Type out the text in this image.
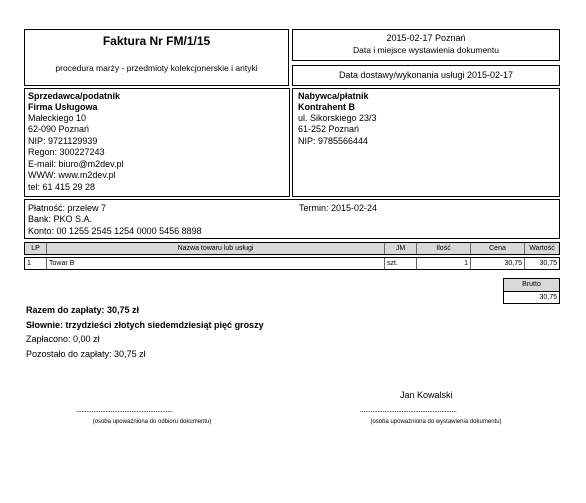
Faktura Nr FM/1/15
procedura marży - przedmioty kolekcjonerskie i antyki
2015-02-17 Poznań
Data i miejsce wystawienia dokumentu
Data dostawy/wykonania usługi 2015-02-17
Sprzedawca/podatnik
Firma Usługowa
Małeckiego 10
62-090 Poznań
NIP: 9721129939
Regon: 300227243
E-mail: biuro@m2dev.pl
WWW: www.m2dev.pl
tel: 61 415 29 28
Nabywca/płatnik
Kontrahent B
ul. Sikorskiego 23/3
61-252 Poznań
NIP: 9785566444
Płatność: przelew 7	Termin: 2015-02-24
Bank: PKO S.A.
Konto: 00 1255 2545 1254 0000 5456 8898
LP	Nazwa towaru lub usługi	JM	Ilość	Cena	Wartość
1	Towar B	szt.	1	30,75	30,75
Brutto
30,75
Razem do zapłaty: 30,75 zł
Słownie: trzydzieści złotych siedemdziesiąt pięć groszy
Zapłacono: 0,00 zł
Pozostało do zapłaty: 30,75 zł
Jan Kowalski
........................................................
(osoba upoważniona do odbioru dokumentu)
........................................................
(osoba upoważniona do wystawienia dokumentu)
